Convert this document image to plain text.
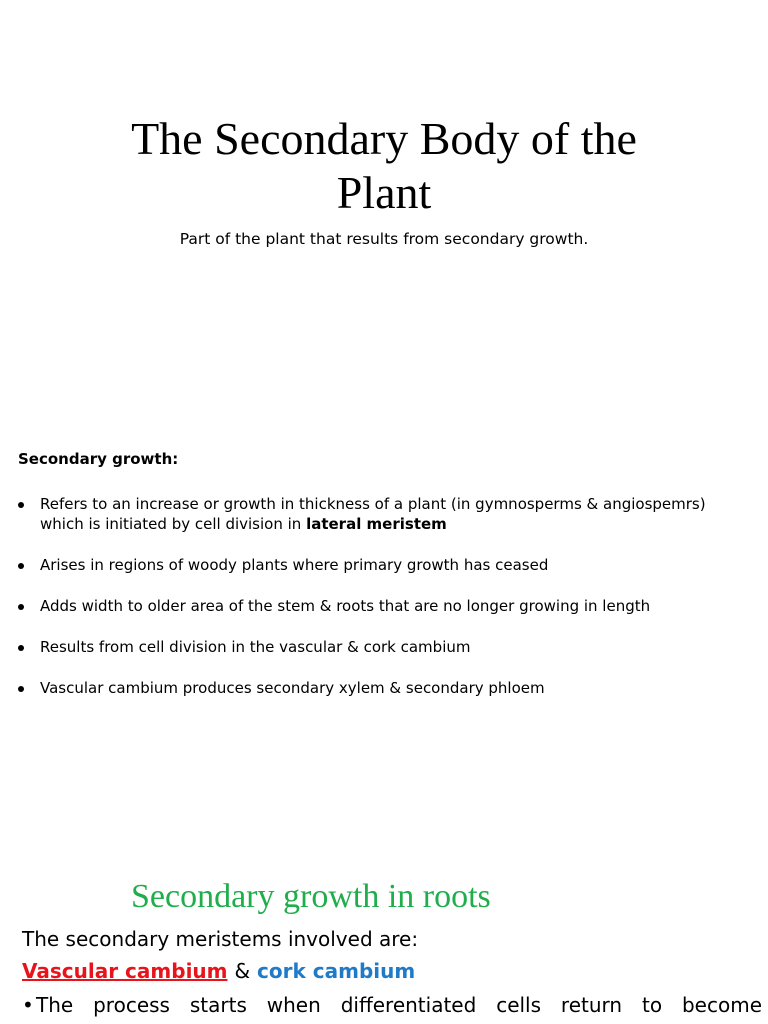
The Secondary Body of the
Plant
Part of the plant that results from secondary growth.
Secondary growth:
Refers to an increase or growth in thickness of a plant (in gymnosperms & angiospemrs)
which is initiated by cell division in lateral meristem
Arises in regions of woody plants where primary growth has ceased
Adds width to older area of the stem & roots that are no longer growing in length
Results from cell division in the vascular & cork cambium
Vascular cambium produces secondary xylem & secondary phloem
Secondary growth in roots
The secondary meristems involved are:
Vascular cambium & cork cambium
• The process starts when differentiated cells return to become
